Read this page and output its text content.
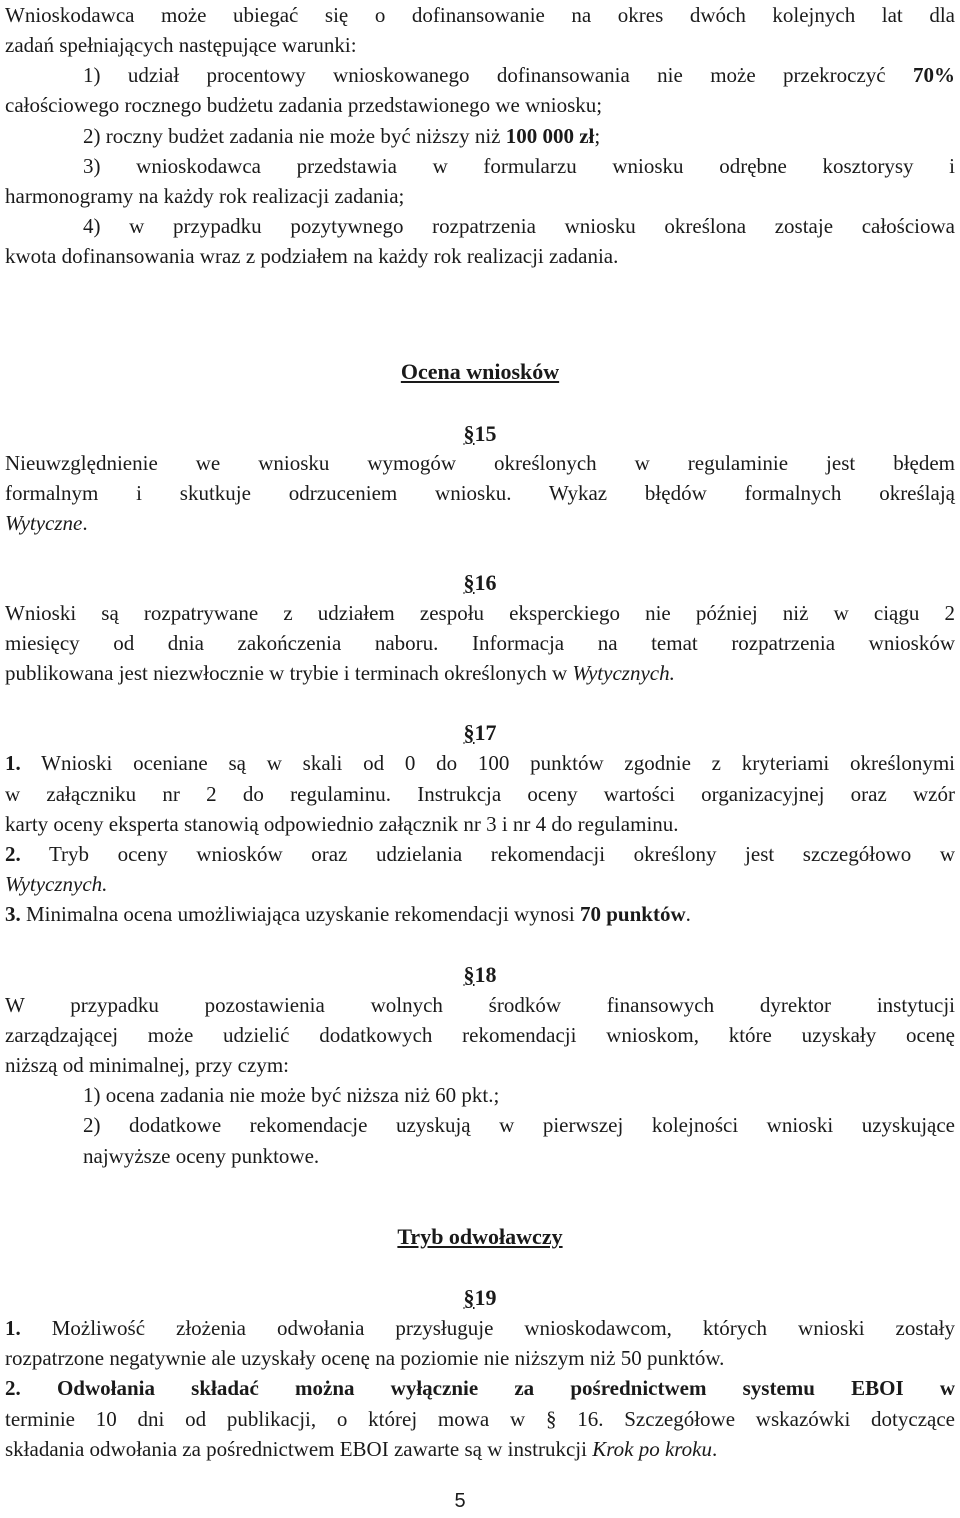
Wnioskodawca może ubiegać się o dofinansowanie na okres dwóch kolejnych lat dla
zadań spełniających następujące warunki:
1) udział procentowy wnioskowanego dofinansowania nie może przekroczyć 70%
całościowego rocznego budżetu zadania przedstawionego we wniosku;
2) roczny budżet zadania nie może być niższy niż 100 000 zł;
3) wnioskodawca przedstawia w formularzu wniosku odrębne kosztorysy i
harmonogramy na każdy rok realizacji zadania;
4) w przypadku pozytywnego rozpatrzenia wniosku określona zostaje całościowa
kwota dofinansowania wraz z podziałem na każdy rok realizacji zadania.
Ocena wniosków
§15
Nieuwzględnienie we wniosku wymogów określonych w regulaminie jest błędem
formalnym i skutkuje odrzuceniem wniosku. Wykaz błędów formalnych określają
Wytyczne.
§16
Wnioski są rozpatrywane z udziałem zespołu eksperckiego nie później niż w ciągu 2
miesięcy od dnia zakończenia naboru. Informacja na temat rozpatrzenia wniosków
publikowana jest niezwłocznie w trybie i terminach określonych w Wytycznych.
§17
1. Wnioski oceniane są w skali od 0 do 100 punktów zgodnie z kryteriami określonymi
w załączniku nr 2 do regulaminu. Instrukcja oceny wartości organizacyjnej oraz wzór
karty oceny eksperta stanowią odpowiednio załącznik nr 3 i nr 4 do regulaminu.
2. Tryb oceny wniosków oraz udzielania rekomendacji określony jest szczegółowo w
Wytycznych.
3. Minimalna ocena umożliwiająca uzyskanie rekomendacji wynosi 70 punktów.
§18
W przypadku pozostawienia wolnych środków finansowych dyrektor instytucji
zarządzającej może udzielić dodatkowych rekomendacji wnioskom, które uzyskały ocenę
niższą od minimalnej, przy czym:
1) ocena zadania nie może być niższa niż 60 pkt.;
2) dodatkowe rekomendacje uzyskują w pierwszej kolejności wnioski uzyskujące
najwyższe oceny punktowe.
Tryb odwoławczy
§19
1. Możliwość złożenia odwołania przysługuje wnioskodawcom, których wnioski zostały
rozpatrzone negatywnie ale uzyskały ocenę na poziomie nie niższym niż 50 punktów.
2. Odwołania składać można wyłącznie za pośrednictwem systemu EBOI w
terminie 10 dni od publikacji, o której mowa w § 16. Szczegółowe wskazówki dotyczące
składania odwołania za pośrednictwem EBOI zawarte są w instrukcji Krok po kroku.
5
